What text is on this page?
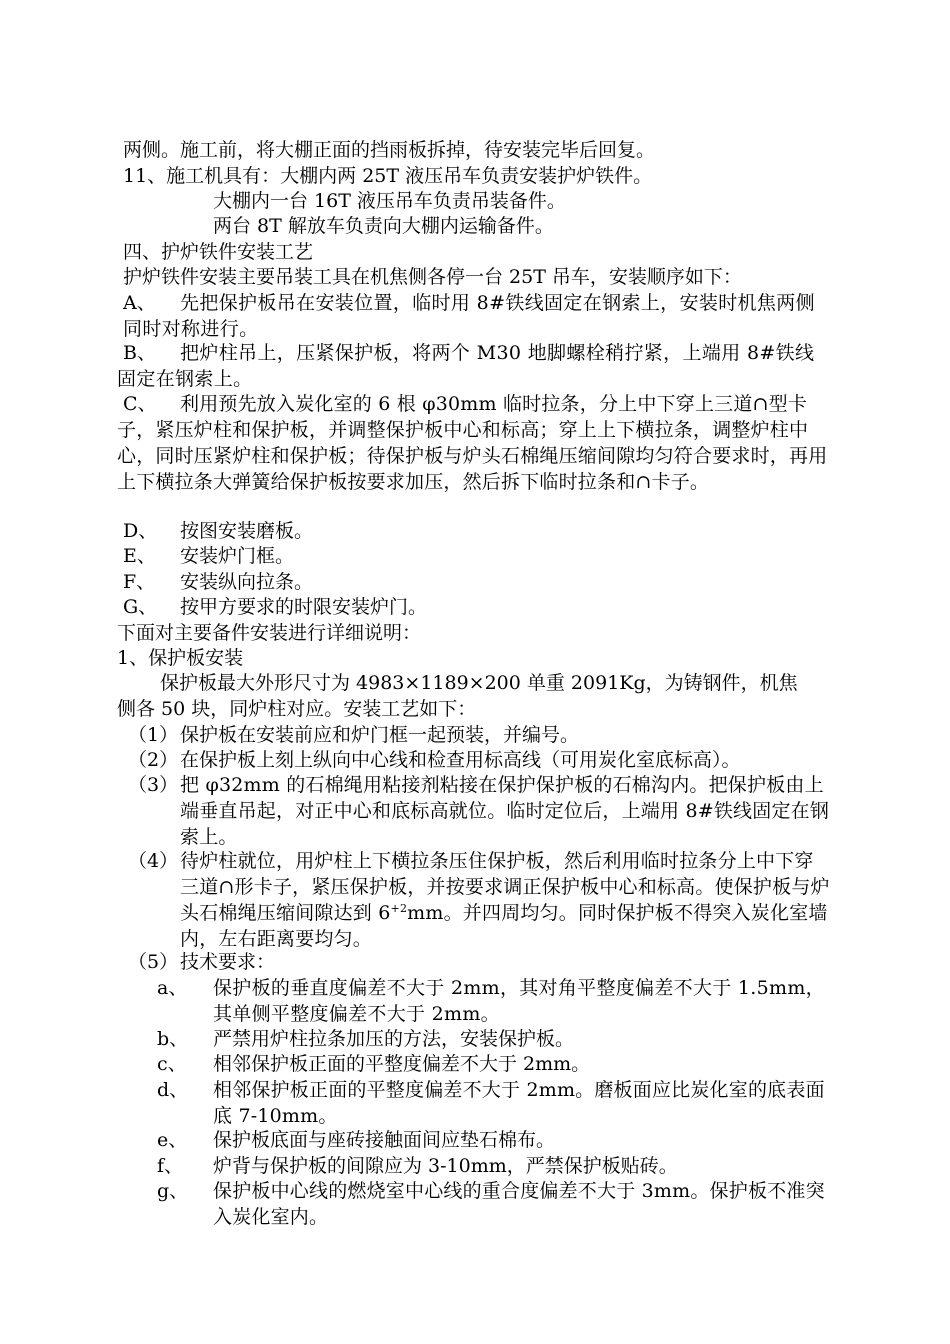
两侧。施工前，将大棚正面的挡雨板拆掉，待安装完毕后回复。
11、施工机具有：大棚内两 25T 液压吊车负责安装护炉铁件。
大棚内一台 16T 液压吊车负责吊装备件。
两台 8T 解放车负责向大棚内运输备件。
四、护炉铁件安装工艺
护炉铁件安装主要吊装工具在机焦侧各停一台 25T 吊车，安装顺序如下：
A、	先把保护板吊在安装位置，临时用 8#铁线固定在钢索上，安装时机焦两侧同时对称进行。
B、	把炉柱吊上，压紧保护板，将两个 M30 地脚螺栓稍拧紧，上端用 8#铁线固定在钢索上。
C、	利用预先放入炭化室的 6 根 φ30mm 临时拉条，分上中下穿上三道∩型卡子，紧压炉柱和保护板，并调整保护板中心和标高；穿上上下横拉条，调整炉柱中心，同时压紧炉柱和保护板；待保护板与炉头石棉绳压缩间隙均匀符合要求时，再用上下横拉条大弹簧给保护板按要求加压，然后拆下临时拉条和∩卡子。
D、 按图安装磨板。
E、 安装炉门框。
F、 安装纵向拉条。
G、 按甲方要求的时限安装炉门。
下面对主要备件安装进行详细说明：
1、保护板安装
保护板最大外形尺寸为 4983×1189×200 单重 2091Kg，为铸钢件，机焦
侧各 50 块，同炉柱对应。安装工艺如下：
（1） 保护板在安装前应和炉门框一起预装，并编号。
（2） 在保护板上刻上纵向中心线和检查用标高线（可用炭化室底标高）。
（3） 把 φ32mm 的石棉绳用粘接剂粘接在保护保护板的石棉沟内。把保护板由上端垂直吊起，对正中心和底标高就位。临时定位后，上端用 8#铁线固定在钢索上。
（4） 待炉柱就位，用炉柱上下横拉条压住保护板，然后利用临时拉条分上中下穿三道∩形卡子，紧压保护板，并按要求调正保护板中心和标高。使保护板与炉头石棉绳压缩间隙达到 $6^{+2}mm$。并四周均匀。同时保护板不得突入炭化室墙内，左右距离要均匀。
（5） 技术要求：
a、 保护板的垂直度偏差不大于 2mm，其对角平整度偏差不大于 1.5mm，其单侧平整度偏差不大于 2mm。
b、 严禁用炉柱拉条加压的方法，安装保护板。
c、 相邻保护板正面的平整度偏差不大于 2mm。
d、 相邻保护板正面的平整度偏差不大于 2mm。磨板面应比炭化室的底表面底 7-10mm。
e、 保护板底面与座砖接触面间应垫石棉布。
f、 炉背与保护板的间隙应为 3-10mm，严禁保护板贴砖。
g、 保护板中心线的燃烧室中心线的重合度偏差不大于 3mm。保护板不准突入炭化室内。
